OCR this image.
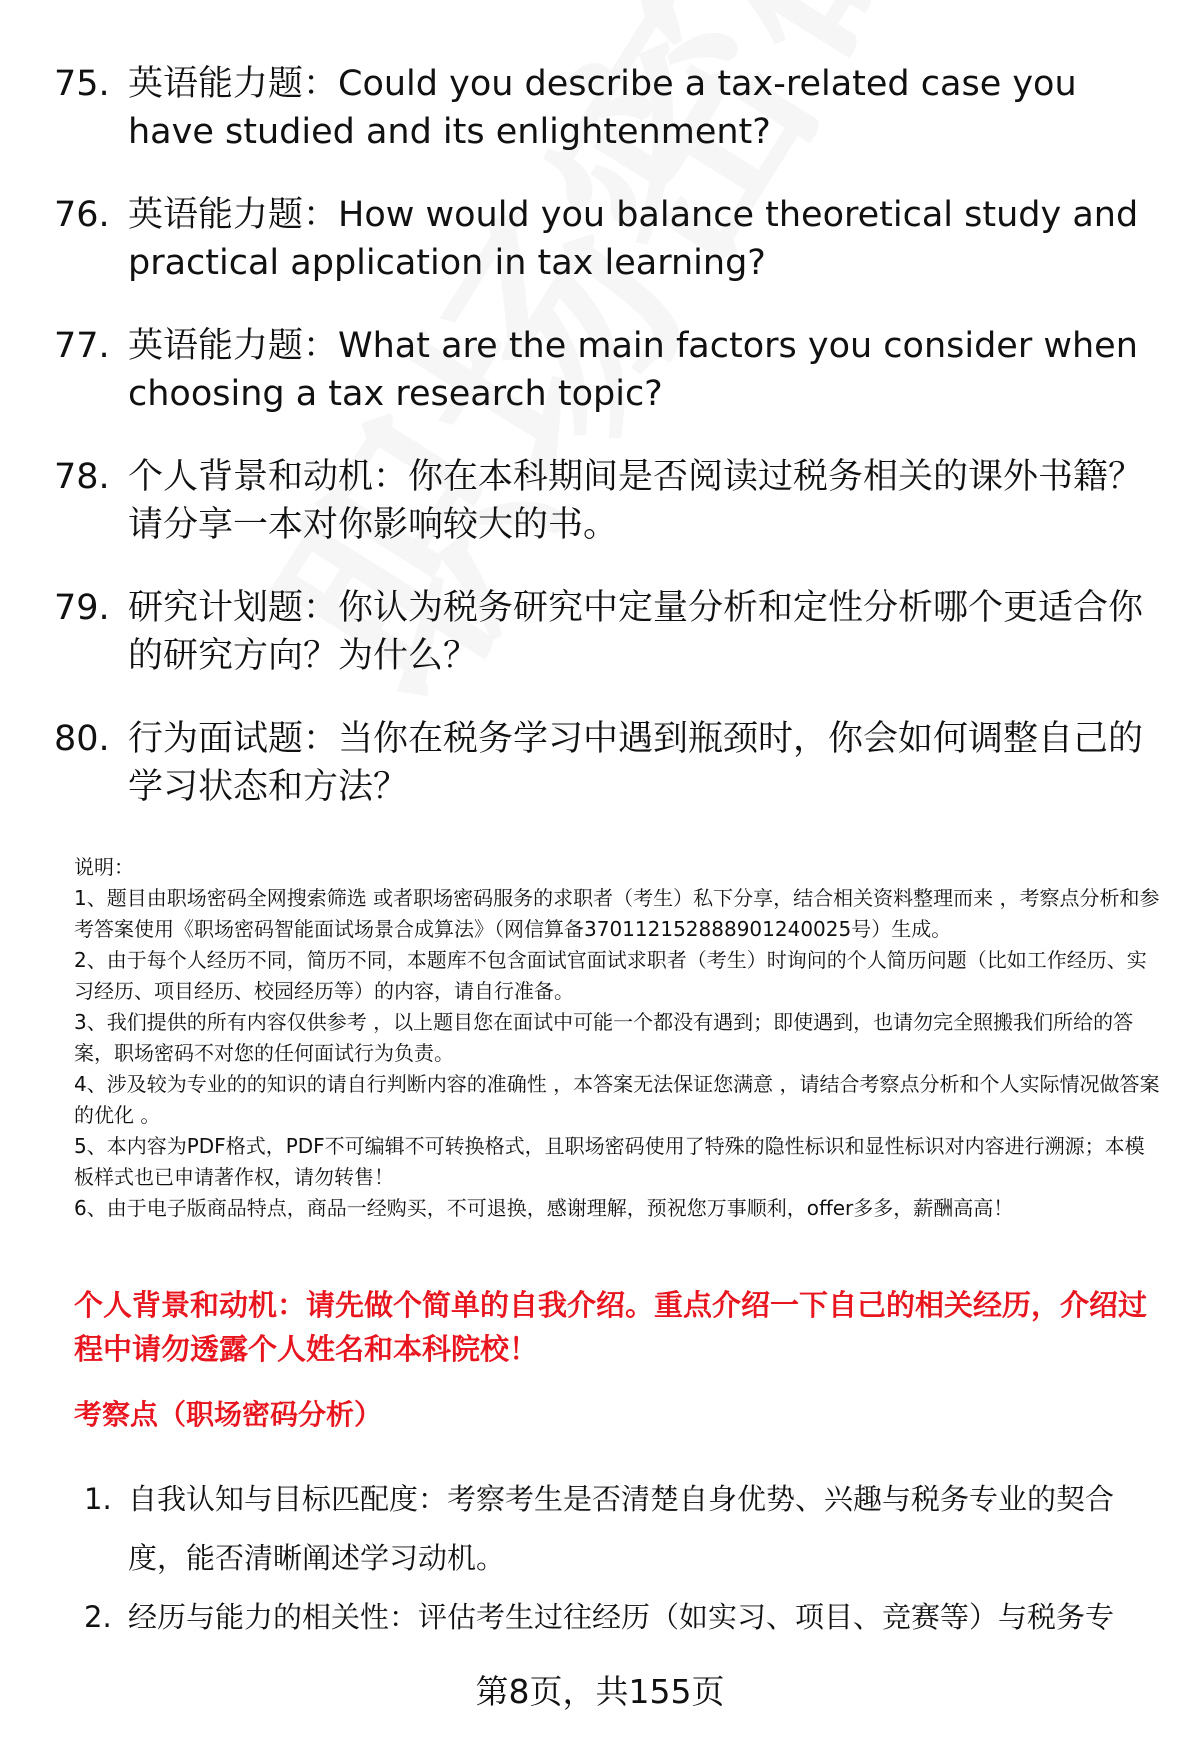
75. 英语能力题：Could you describe a tax-related case you have studied and its enlightenment?
76. 英语能力题：How would you balance theoretical study and practical application in tax learning?
77. 英语能力题：What are the main factors you consider when choosing a tax research topic?
78. 个人背景和动机：你在本科期间是否阅读过税务相关的课外书籍？请分享一本对你影响较大的书。
79. 研究计划题：你认为税务研究中定量分析和定性分析哪个更适合你的研究方向？为什么？
80. 行为面试题：当你在税务学习中遇到瓶颈时，你会如何调整自己的学习状态和方法？
说明：
1、题目由职场密码全网搜索筛选 或者职场密码服务的求职者（考生）私下分享，结合相关资料整理而来 ，考察点分析和参考答案使用《职场密码智能面试场景合成算法》（网信算备370112152888901240025号）生成。
2、由于每个人经历不同，简历不同，本题库不包含面试官面试求职者（考生）时询问的个人简历问题（比如工作经历、实习经历、项目经历、校园经历等）的内容，请自行准备。
3、我们提供的所有内容仅供参考 ，以上题目您在面试中可能一个都没有遇到；即使遇到，也请勿完全照搬我们所给的答案，职场密码不对您的任何面试行为负责。
4、涉及较为专业的的知识的请自行判断内容的准确性 ，本答案无法保证您满意 ，请结合考察点分析和个人实际情况做答案的优化 。
5、本内容为PDF格式，PDF不可编辑不可转换格式，且职场密码使用了特殊的隐性标识和显性标识对内容进行溯源；本模板样式也已申请著作权，请勿转售！
6、由于电子版商品特点，商品一经购买，不可退换，感谢理解，预祝您万事顺利，offer多多，薪酬高高！
个人背景和动机：请先做个简单的自我介绍。重点介绍一下自己的相关经历，介绍过程中请勿透露个人姓名和本科院校！
考察点（职场密码分析）
1. 自我认知与目标匹配度：考察考生是否清楚自身优势、兴趣与税务专业的契合度，能否清晰阐述学习动机。
2. 经历与能力的相关性：评估考生过往经历（如实习、项目、竞赛等）与税务专
第8页，共155页
